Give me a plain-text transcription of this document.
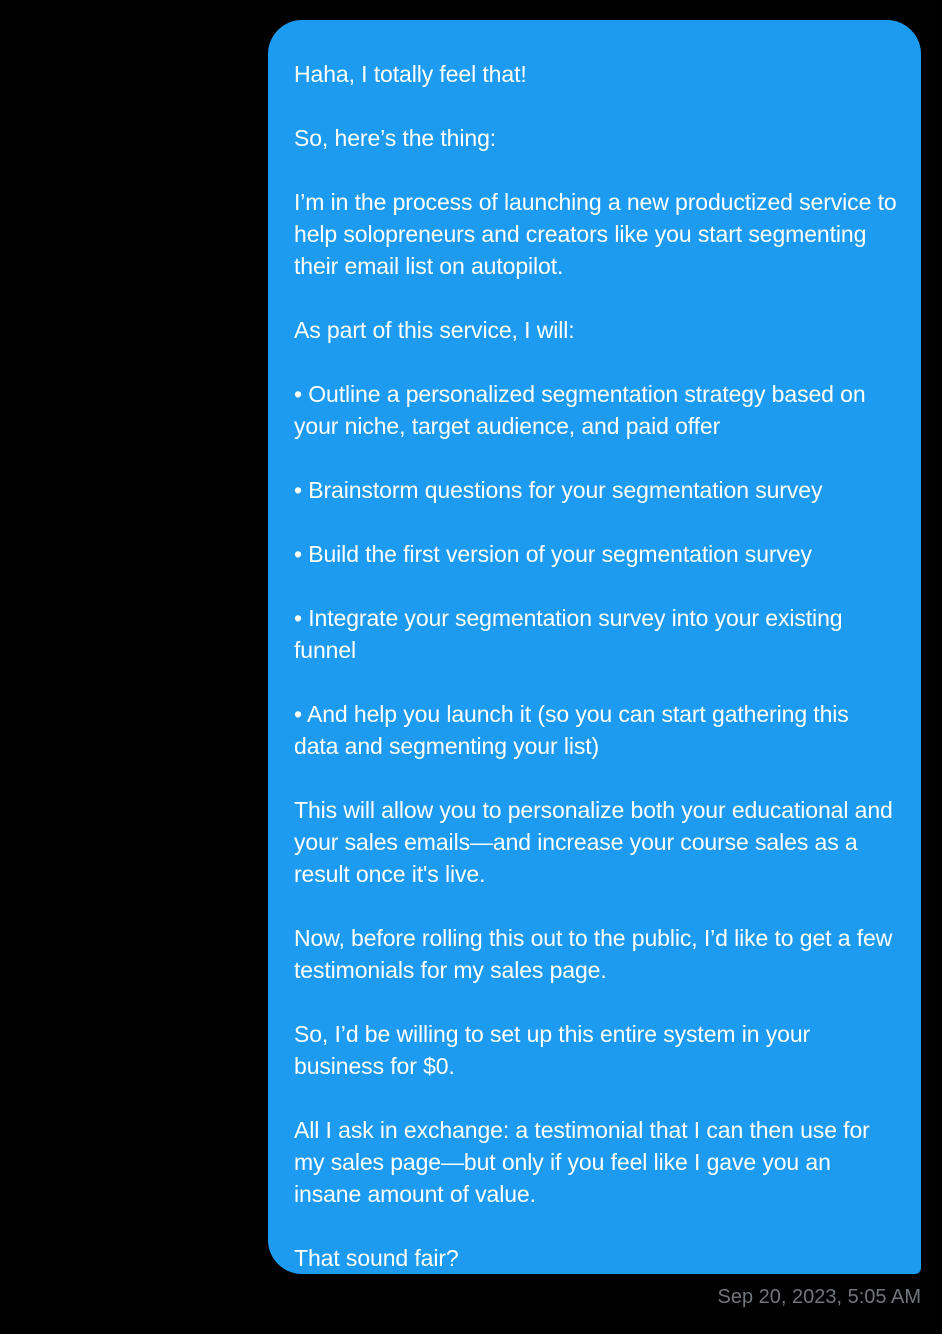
Haha, I totally feel that!

So, here’s the thing:

I’m in the process of launching a new productized service to help solopreneurs and creators like you start segmenting their email list on autopilot.

As part of this service, I will:

• Outline a personalized segmentation strategy based on your niche, target audience, and paid offer

• Brainstorm questions for your segmentation survey

• Build the first version of your segmentation survey

• Integrate your segmentation survey into your existing funnel

• And help you launch it (so you can start gathering this data and segmenting your list)

This will allow you to personalize both your educational and your sales emails—and increase your course sales as a result once it's live.

Now, before rolling this out to the public, I’d like to get a few testimonials for my sales page.

So, I’d be willing to set up this entire system in your business for $0.

All I ask in exchange: a testimonial that I can then use for my sales page—but only if you feel like I gave you an insane amount of value.

That sound fair?

Sep 20, 2023, 5:05 AM
